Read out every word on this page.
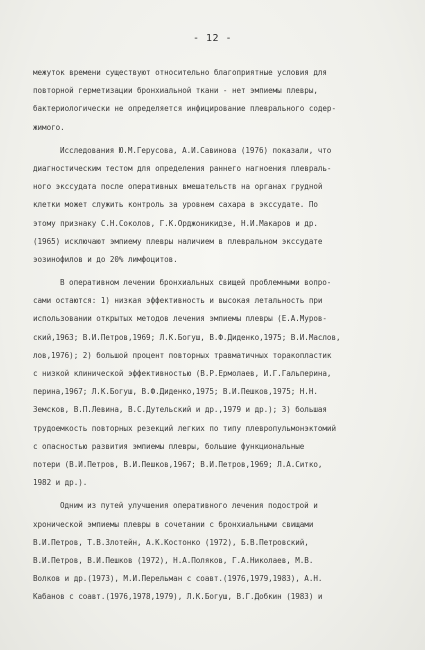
- 12 -
межуток времени существуют относительно благоприятные условия для
повторной герметизации бронхиальной ткани - нет эмпиемы плевры,
бактериологически не определяется инфицирование плеврального содер-
жимого.
Исследования Ю.М.Герусова, А.И.Савинова (1976) показали, что
диагностическим тестом для определения раннего нагноения плевраль-
ного экссудата после оперативных вмешательств на органах грудной
клетки может служить контроль за уровнем сахара в экссудате. По
этому признаку С.Н.Соколов, Г.К.Орджоникидзе, Н.И.Макаров и др.
(1965) исключают эмпиему плевры наличием в плевральном экссудате
эозинофилов и до 20% лимфоцитов.
В оперативном лечении бронхиальных свищей проблемными вопро-
сами остаются: 1) низкая эффективность и высокая летальность при
использовании открытых методов лечения эмпиемы плевры (Е.А.Муров-
ский,1963; В.И.Петров,1969; Л.К.Богуш, В.Ф.Диденко,1975; В.И.Маслов,
лов,1976); 2) большой процент повторных травматичных торакопластик
с низкой клинической эффективностью (В.Р.Ермолаев, И.Г.Гальперина,
перина,1967; Л.К.Богуш, В.Ф.Диденко,1975; В.И.Пешков,1975; Н.Н.
Земсков, В.П.Левина, В.С.Дутельский и др.,1979 и др.); 3) большая
трудоемкость повторных резекций легких по типу плевропульмонэктомий
с опасностью развития эмпиемы плевры, большие функциональные
потери (В.И.Петров, В.И.Пешков,1967; В.И.Петров,1969; Л.А.Ситко,
1982 и др.).
Одним из путей улучшения оперативного лечения подострой и
хронической эмпиемы плевры в сочетании с бронхиальными свищами
В.И.Петров, Т.В.Злотейн, А.К.Костонко (1972), Б.В.Петровский,
В.И.Петров, В.И.Пешков (1972), Н.А.Поляков, Г.А.Николаев, М.В.
Волков и др.(1973), М.И.Перельман с соавт.(1976,1979,1983), А.Н.
Кабанов с соавт.(1976,1978,1979), Л.К.Богуш, В.Г.Добкин (1983) и
